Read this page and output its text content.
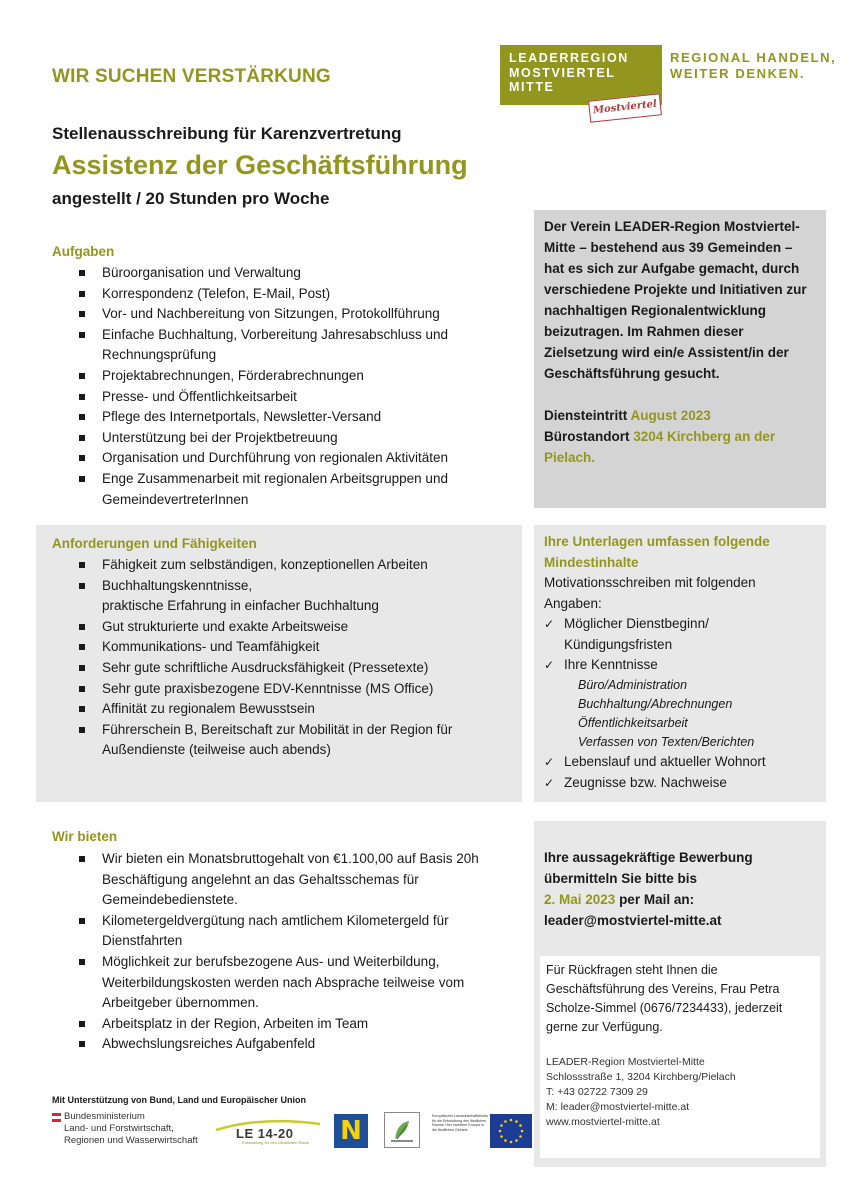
WIR SUCHEN VERSTÄRKUNG
LEADERREGION
MOSTVIERTEL
MITTE
Mostviertel
REGIONAL HANDELN,
WEITER DENKEN.
Stellenausschreibung für Karenzvertretung
Assistenz der Geschäftsführung
angestellt / 20 Stunden pro Woche
Aufgaben
Büroorganisation und Verwaltung
Korrespondenz (Telefon, E-Mail, Post)
Vor- und Nachbereitung von Sitzungen, Protokollführung
Einfache Buchhaltung, Vorbereitung Jahresabschluss und Rechnungsprüfung
Projektabrechnungen, Förderabrechnungen
Presse- und Öffentlichkeitsarbeit
Pflege des Internetportals, Newsletter-Versand
Unterstützung bei der Projektbetreuung
Organisation und Durchführung von regionalen Aktivitäten
Enge Zusammenarbeit mit regionalen Arbeitsgruppen und GemeindevertreterInnen
Der Verein LEADER-Region Mostviertel-Mitte – bestehend aus 39 Gemeinden – hat es sich zur Aufgabe gemacht, durch verschiedene Projekte und Initiativen zur nachhaltigen Regionalentwicklung beizutragen. Im Rahmen dieser Zielsetzung wird ein/e Assistent/in der Geschäftsführung gesucht.
Diensteintritt August 2023
Bürostandort 3204 Kirchberg an der Pielach.
Anforderungen und Fähigkeiten
Fähigkeit zum selbständigen, konzeptionellen Arbeiten
Buchhaltungskenntnisse,
praktische Erfahrung in einfacher Buchhaltung
Gut strukturierte und exakte Arbeitsweise
Kommunikations- und Teamfähigkeit
Sehr gute schriftliche Ausdrucksfähigkeit (Pressetexte)
Sehr gute praxisbezogene EDV-Kenntnisse (MS Office)
Affinität zu regionalem Bewusstsein
Führerschein B, Bereitschaft zur Mobilität in der Region für Außendienste (teilweise auch abends)
Ihre Unterlagen umfassen folgende Mindestinhalte
Motivationsschreiben mit folgenden Angaben:
✓ Möglicher Dienstbeginn/ Kündigungsfristen
✓ Ihre Kenntnisse
Büro/Administration
Buchhaltung/Abrechnungen
Öffentlichkeitsarbeit
Verfassen von Texten/Berichten
✓ Lebenslauf und aktueller Wohnort
✓ Zeugnisse bzw. Nachweise
Wir bieten
Wir bieten ein Monatsbruttogehalt von €1.100,00 auf Basis 20h Beschäftigung angelehnt an das Gehaltsschemas für Gemeindebedienstete.
Kilometergeldvergütung nach amtlichem Kilometergeld für Dienstfahrten
Möglichkeit zur berufsbezogene Aus- und Weiterbildung, Weiterbildungskosten werden nach Absprache teilweise vom Arbeitgeber übernommen.
Arbeitsplatz in der Region, Arbeiten im Team
Abwechslungsreiches Aufgabenfeld
Ihre aussagekräftige Bewerbung übermitteln Sie bitte bis
2. Mai 2023 per Mail an:
leader@mostviertel-mitte.at
Für Rückfragen steht Ihnen die Geschäftsführung des Vereins, Frau Petra Scholze-Simmel (0676/7234433), jederzeit gerne zur Verfügung.
LEADER-Region Mostviertel-Mitte
Schlossstraße 1, 3204 Kirchberg/Pielach
T: +43 02722 7309 29
M: leader@mostviertel-mitte.at
www.mostviertel-mitte.at
Mit Unterstützung von Bund, Land und Europäischer Union
Bundesministerium
Land- und Forstwirtschaft,
Regionen und Wasserwirtschaft	LE 14-20
Entwicklung für den Ländlichen Raum N	Europäischer Landwirtschaftsfonds für die Entwicklung des ländlichen Raums: Hier investiert Europa in die ländlichen Gebiete.
